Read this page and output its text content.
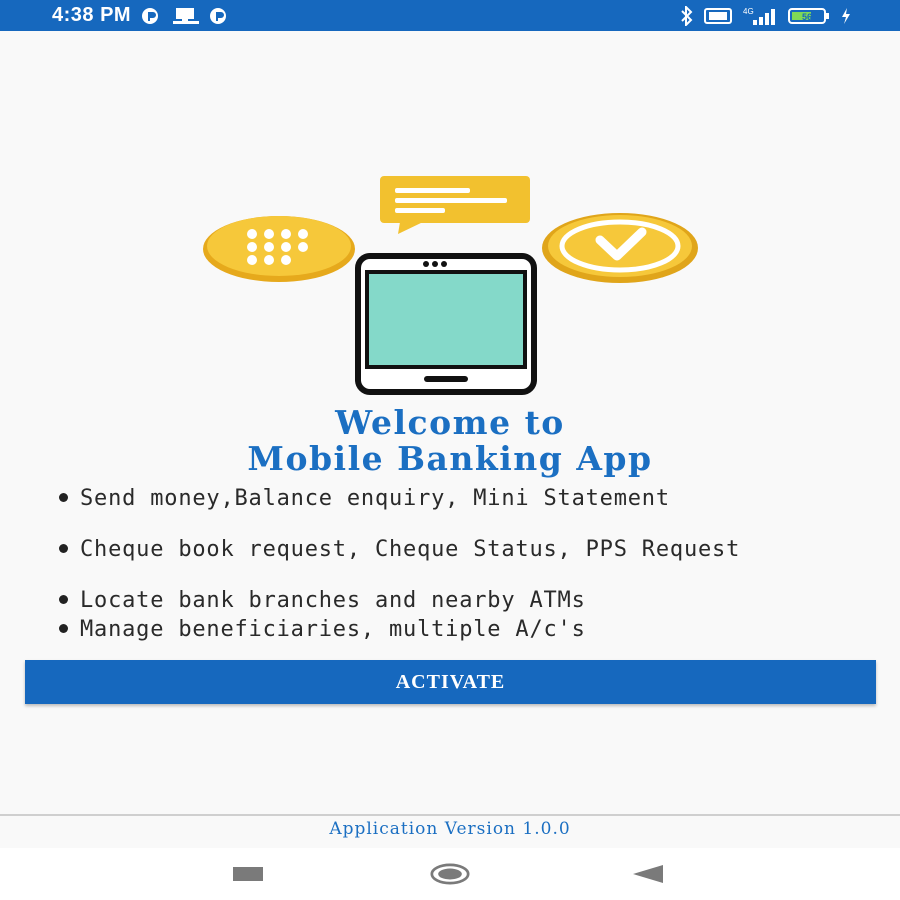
4:38 PM	4G
56
Welcome to
Mobile Banking App
Send money,Balance enquiry, Mini Statement
Cheque book request, Cheque Status, PPS Request
Locate bank branches and nearby ATMs
Manage beneficiaries, multiple A/c's
ACTIVATE
Application Version 1.0.0
